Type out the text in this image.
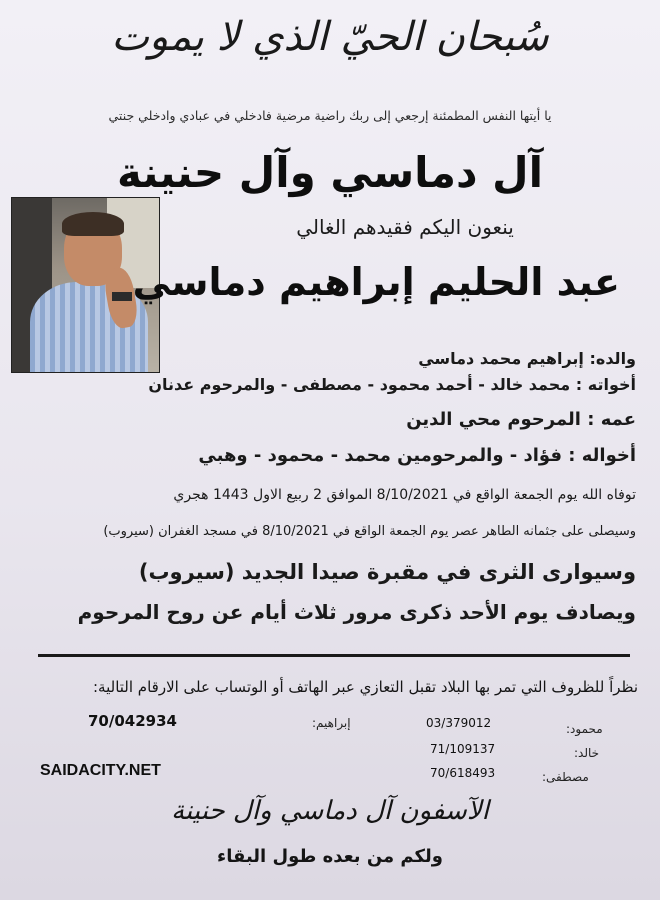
سُبحان الحيّ الذي لا يموت
يا أيتها النفس المطمئنة إرجعي إلى ربك راضية مرضية فادخلي في عبادي وادخلي جنتي
آل دماسي وآل حنينة
ينعون اليكم فقيدهم الغالي
عبد الحليم إبراهيم دماسي
والده: إبراهيم محمد دماسي
أخواته : محمد خالد - أحمد محمود - مصطفى - والمرحوم عدنان
عمه : المرحوم محي الدين
أخواله : فؤاد - والمرحومين محمد - محمود - وهبي
توفاه الله يوم الجمعة الواقع في 8/10/2021 الموافق 2 ربيع الاول 1443 هجري
وسيصلى على جثمانه الطاهر عصر يوم الجمعة الواقع في 8/10/2021 في مسجد الغفران (سيروب)
وسيوارى الثرى في مقبرة صيدا الجديد (سيروب)
ويصادف يوم الأحد ذكرى مرور ثلاث أيام عن روح المرحوم
نظراً للظروف التي تمر بها البلاد تقبل التعازي عبر الهاتف أو الوتساب على الارقام التالية:
محمود:
03/379012
خالد:
71/109137
مصطفى:
70/618493
إبراهيم:
70/042934
SAIDACITY.NET
الآسفون آل دماسي وآل حنينة
ولكم من بعده طول البقاء
